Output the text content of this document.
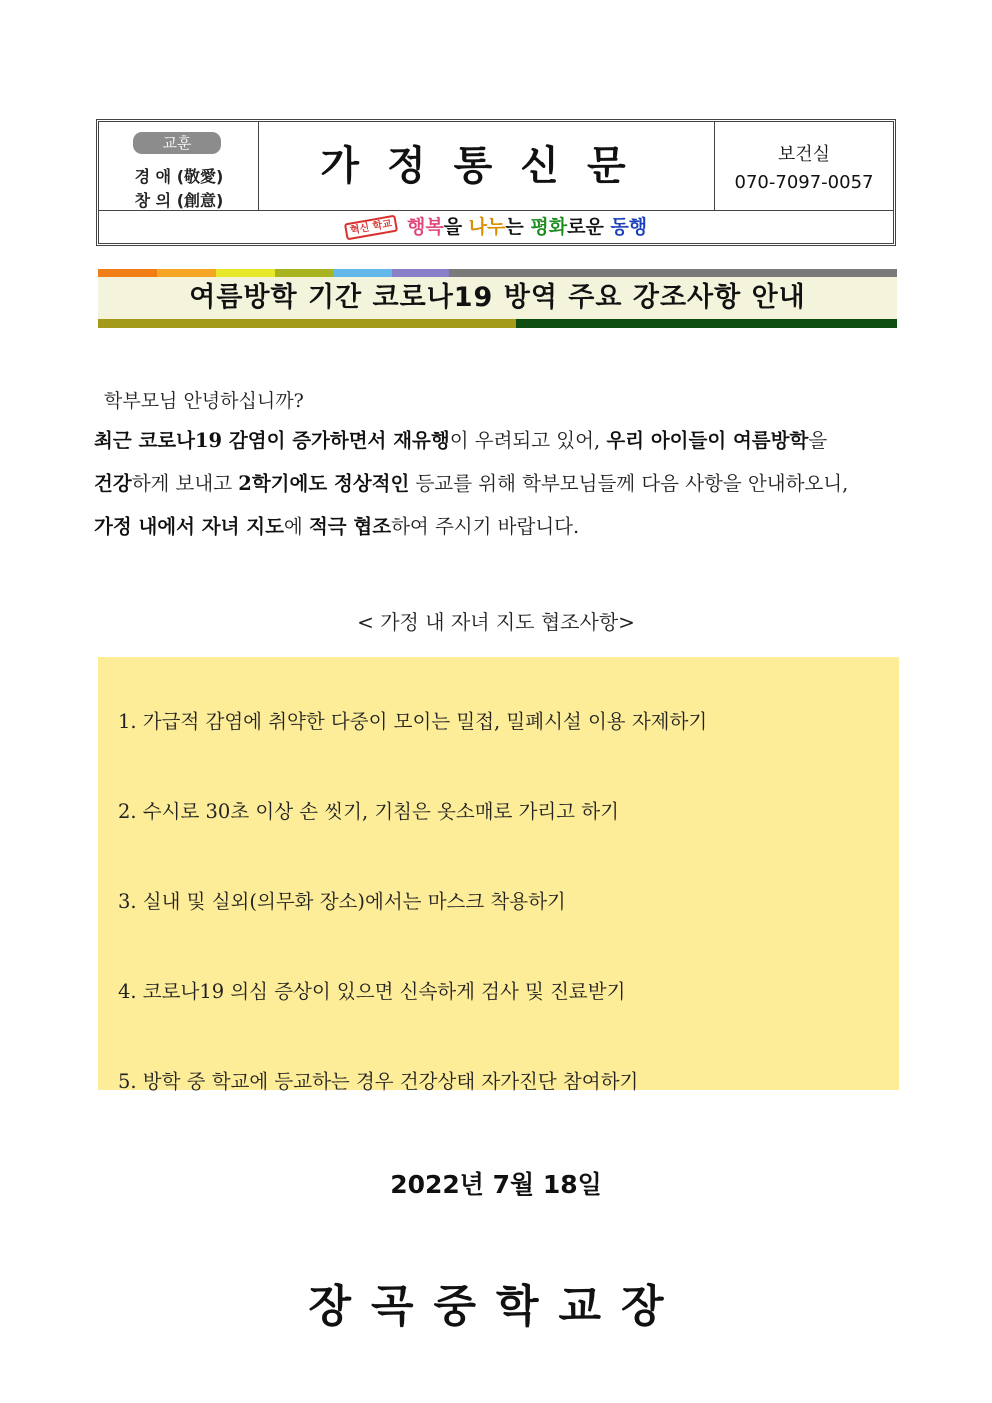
교훈
경 애 (敬愛)
창 의 (創意)
가정통신문	보건실
070-7097-0057
혁신 학교 행복을 나누는 평화로운 동행
여름방학 기간 코로나19 방역 주요 강조사항 안내
학부모님 안녕하십니까?
최근 코로나19 감염이 증가하면서 재유행이 우려되고 있어, 우리 아이들이 여름방학을
건강하게 보내고 2학기에도 정상적인 등교를 위해 학부모님들께 다음 사항을 안내하오니,
가정 내에서 자녀 지도에 적극 협조하여 주시기 바랍니다.
< 가정 내 자녀 지도 협조사항>
1. 가급적 감염에 취약한 다중이 모이는 밀접, 밀폐시설 이용 자제하기
2. 수시로 30초 이상 손 씻기, 기침은 옷소매로 가리고 하기
3. 실내 및 실외(의무화 장소)에서는 마스크 착용하기
4. 코로나19 의심 증상이 있으면 신속하게 검사 및 진료받기
5. 방학 중 학교에 등교하는 경우 건강상태 자가진단 참여하기
2022년 7월 18일
장곡중학교장
